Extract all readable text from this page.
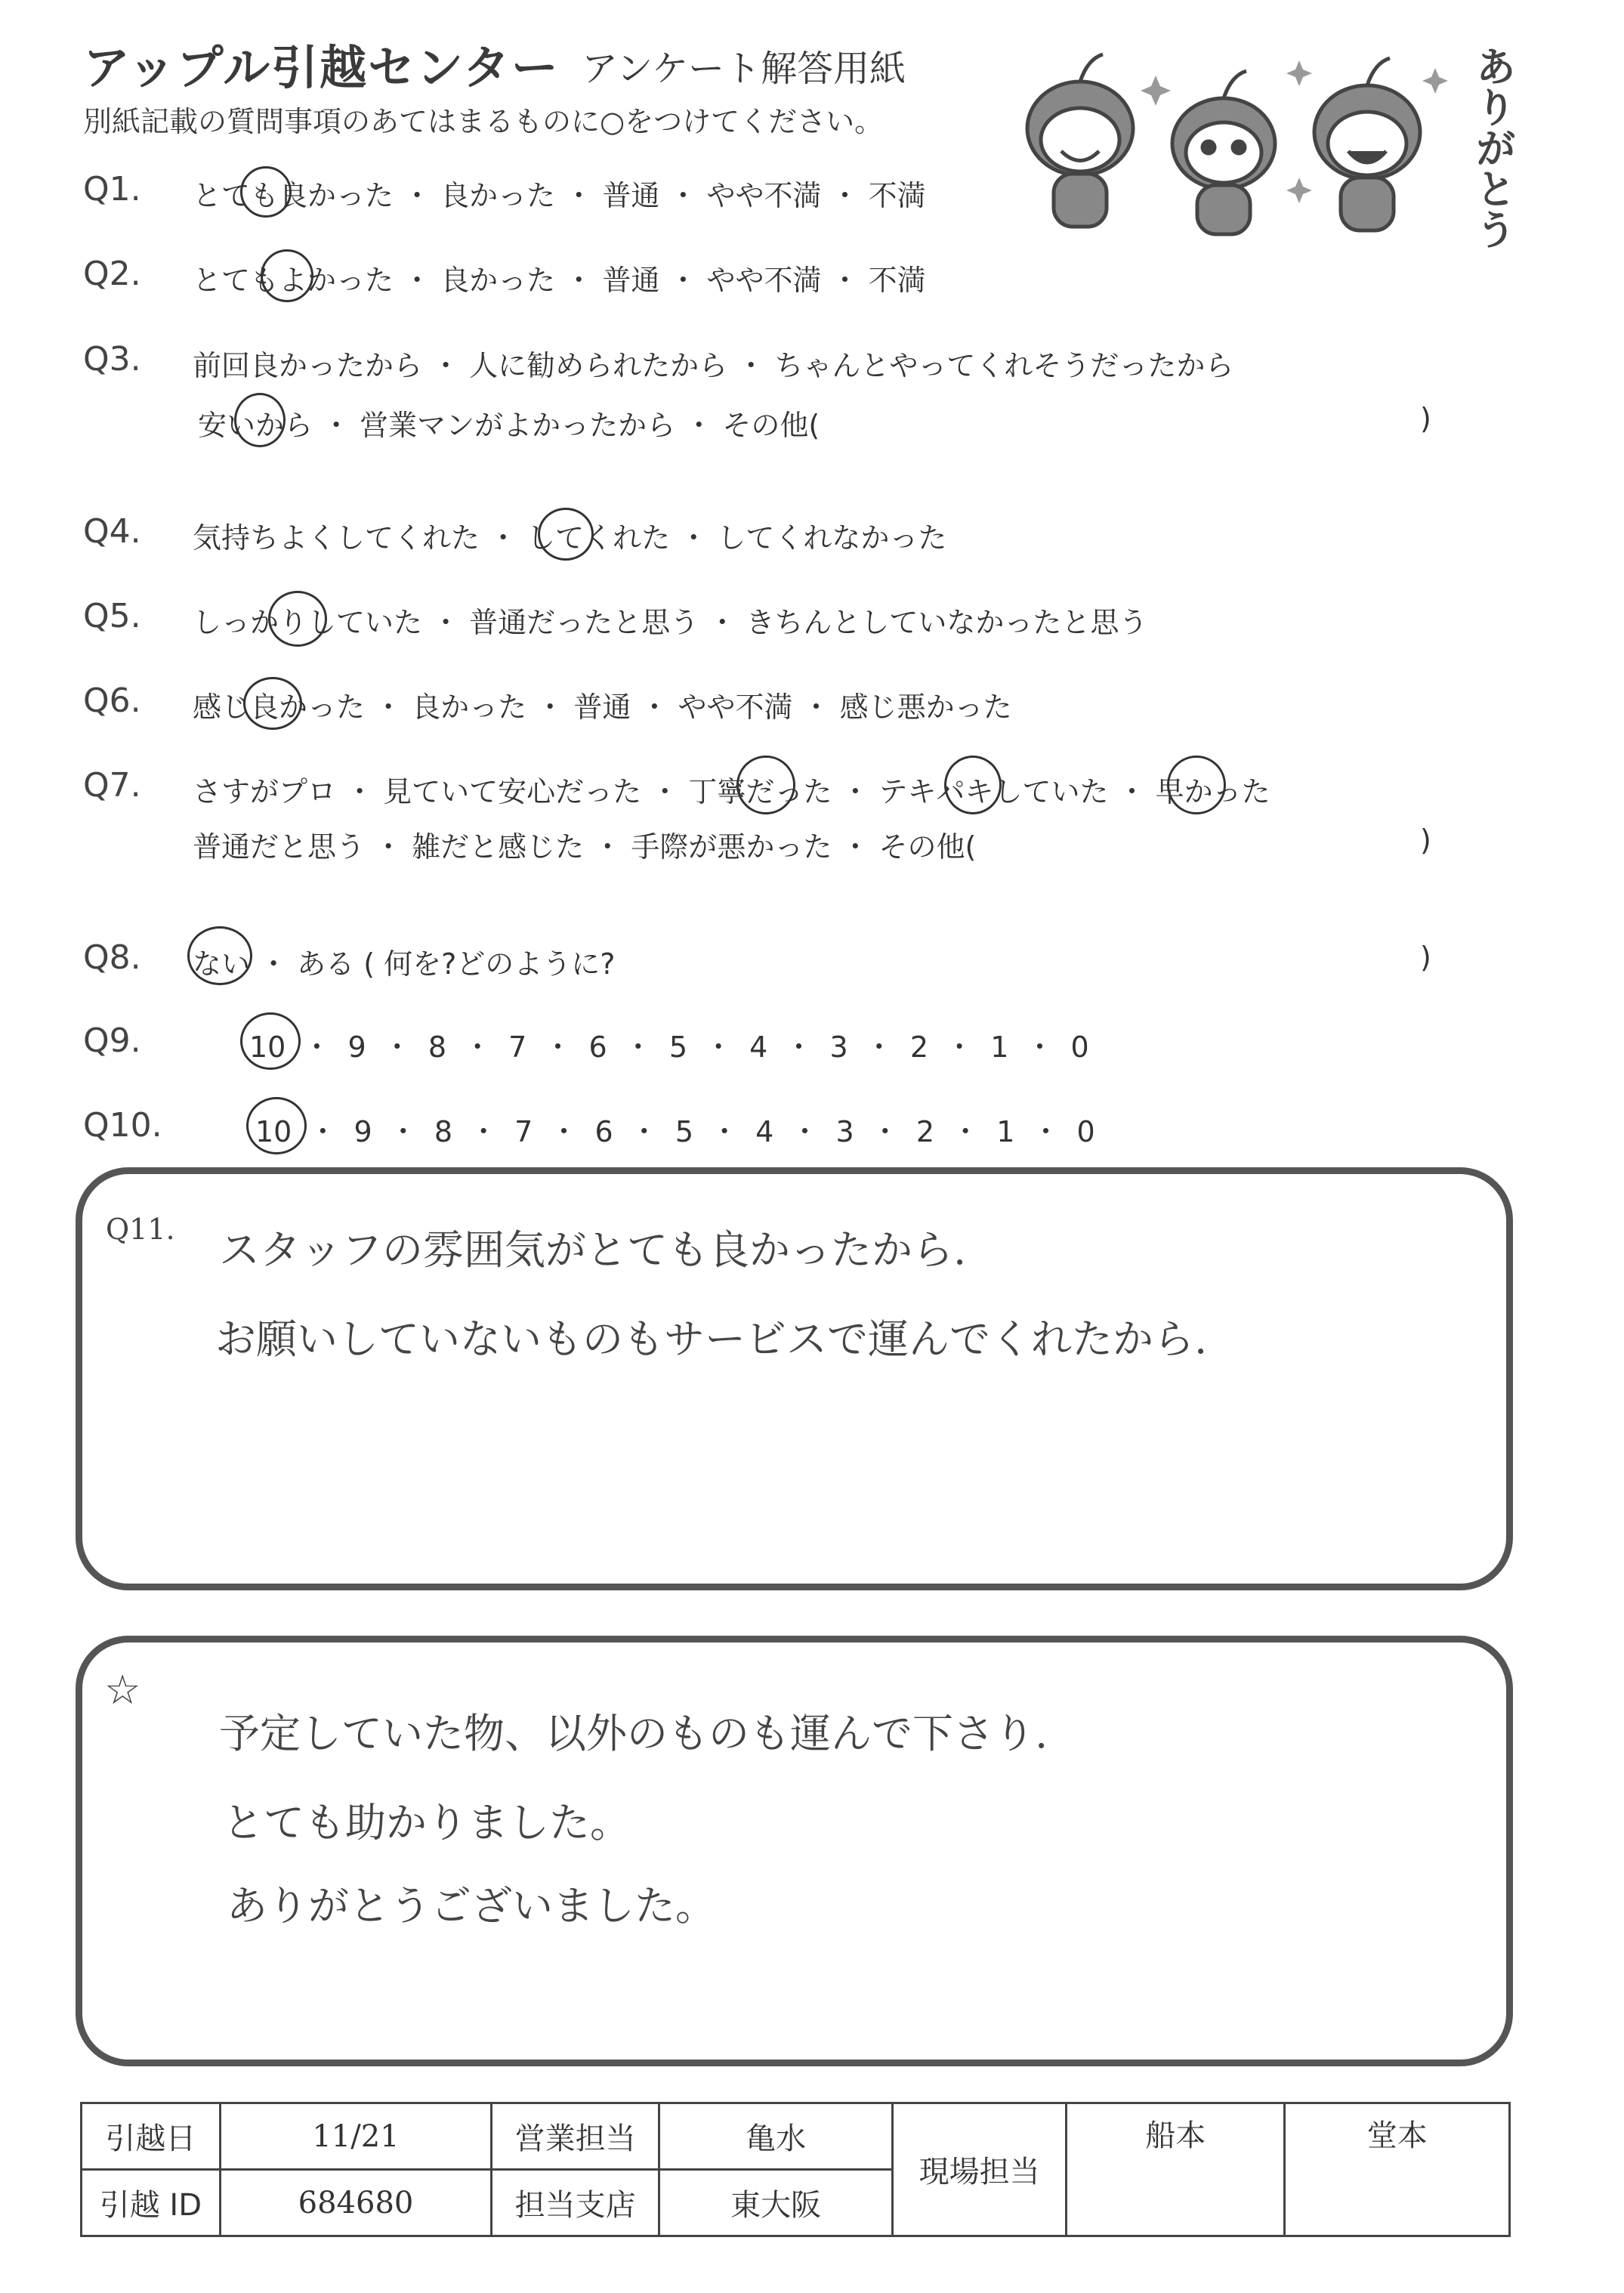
アップル引越センター アンケート解答用紙
別紙記載の質問事項のあてはまるものに○をつけてください。	ありがとう
Q1. とても良かった ・ 良かった ・ 普通 ・ やや不満 ・ 不満
Q2. とてもよかった ・ 良かった ・ 普通 ・ やや不満 ・ 不満
Q3. 前回良かったから ・ 人に勧められたから ・ ちゃんとやってくれそうだったから
安いから ・ 営業マンがよかったから ・ その他(	)
Q4. 気持ちよくしてくれた ・ してくれた ・ してくれなかった
Q5. しっかりしていた ・ 普通だったと思う ・ きちんとしていなかったと思う
Q6. 感じ良かった ・ 良かった ・ 普通 ・ やや不満 ・ 感じ悪かった
Q7. さすがプロ ・ 見ていて安心だった ・ 丁寧だった ・ テキパキしていた ・ 早かった
普通だと思う ・ 雑だと感じた ・ 手際が悪かった ・ その他(	)
Q8. ない ・ ある ( 何を?どのように?	)
Q9.	10 ・ 9 ・ 8 ・ 7 ・ 6 ・ 5 ・ 4 ・ 3 ・ 2 ・ 1 ・ 0
Q10.	10 ・ 9 ・ 8 ・ 7 ・ 6 ・ 5 ・ 4 ・ 3 ・ 2 ・ 1 ・ 0
Q11. スタッフの雰囲気がとても良かったから.
お願いしていないものもサービスで運んでくれたから.
☆
予定していた物、以外のものも運んで下さり.
とても助かりました。
ありがとうございました。
引越日	11/21	営業担当	亀水	現場担当	船本	堂本
引越 ID	684680	担当支店	東大阪			
